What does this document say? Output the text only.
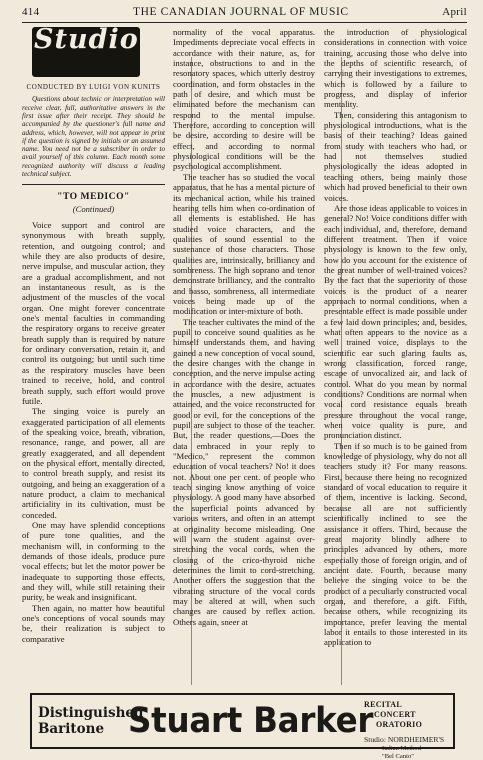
414	THE CANADIAN JOURNAL OF MUSIC	April
Studio
CONDUCTED BY LUIGI VON KUNITS

Questions about technic or interpretation will receive clear, full, authoritative answers in the first issue after their receipt. They should be accompanied by the questioner's full name and address, which, however, will not appear in print if the question is signed by initials or an assumed name. You need not be a subscriber in order to avail yourself of this column. Each month some recognized authority will discuss a leading technical subject.

"TO MEDICO"
(Continued)

Voice support and control are synonymous with breath supply, retention, and outgoing control; and while they are also products of desire, nerve impulse, and muscular action, they are a gradual accomplishment, and not an instantaneous result, as is the adjustment of the muscles of the vocal organ. One might forever concentrate one's mental faculties in commanding the respiratory organs to receive greater breath supply than is required by nature for ordinary conversation, retain it, and control its outgoing; but until such time as the respiratory muscles have been trained to receive, hold, and control breath supply, such effort would prove futile.

The singing voice is purely an exaggerated participation of all elements of the speaking voice, breath, vibration, resonance, range, and power, all are greatly exaggerated, and all dependent on the physical effort, mentally directed, to control breath supply, and resist its outgoing, and being an exaggeration of a nature product, a claim to mechanical artificiality in its cultivation, must be conceded.

One may have splendid conceptions of pure tone qualities, and the mechanism will, in conforming to the demands of those ideals, produce pure vocal effects; but let the motor power be inadequate to supporting those effects, and they will, while still retaining their purity, be weak and insignificant.

Then again, no matter how beautiful one's conceptions of vocal sounds may be, their realization is subject to comparative

normality of the vocal apparatus. Impediments depreciate vocal effects in accordance with their nature, as, for instance, obstructions to and in the resonatory spaces, which utterly destroy coordination, and form obstacles in the path of desire, and which must be eliminated before the mechanism can respond to the mental impulse. Therefore, according to conception will be desire, according to desire will be effect, and according to normal physiological conditions will be the psychological accomplishment.

The teacher has so studied the vocal apparatus, that he has a mental picture of its mechanical action, while his trained hearing tells him when co-ordination of all elements is established. He has studied voice characters, and the qualities of sound essential to the sustenance of those characters. Those qualities are, intrinsically, brilliancy and sombreness. The high soprano and tenor demonstrate brilliancy, and the contralto and basso, sombreness, all intermediate voices being made up of the modification or inter-mixture of both.

The teacher cultivates the mind of the pupil to conceive sound qualities as he himself understands them, and having gained a new conception of vocal sound, the desire changes with the change in conception, and the nerve impulse acting in accordance with the desire, actuates the muscles, a new adjustment is attained, and the voice reconstructed for good or evil, for the conceptions of the pupil are subject to those of the teacher. But, the reader questions,—Does the data embraced in your reply to "Medico," represent the common education of vocal teachers? No! it does not. About one per cent. of people who teach singing know anything of voice physiology. A good many have absorbed the superficial points advanced by various writers, and often in an attempt at originality become misleading. One will warn the student against over-stretching the vocal cords, when the closing of the crico-thyroid niche determines the limit to cord-stretching. Another offers the suggestion that the vibrating structure of the vocal cords may be altered at will, when such changes are caused by reflex action. Others again, sneer at

the introduction of physiological considerations in connection with voice training, accusing those who delve into the depths of scientific research, of carrying their investigations to extremes, which is followed by a failure to progress, and display of inferior mentality.

Then, considering this antagonism to physiological introductions, what is the basis of their teaching? Ideas gained from study with teachers who had, or had not themselves studied physiologically the ideas adopted in teaching others, being mainly those which had proved beneficial to their own voices.

Are those ideas applicable to voices in general? No! Voice conditions differ with each individual, and, therefore, demand different treatment. Then if voice physiology is known to the few only, how do you account for the existence of the great number of well-trained voices? By the fact that the superiority of those voices is the product of a nearer approach to normal conditions, when a presentable effect is made possible under a few laid down principles; and, besides, what often appears to the novice as a well trained voice, displays to the scientific ear such glaring faults as, wrong classification, forced range, escape of unvocalized air, and lack of control. What do you mean by normal conditions? Conditions are normal when vocal cord resistance equals breath pressure throughout the vocal range, when voice quality is pure, and pronunciation distinct.

Then if so much is to be gained from knowledge of physiology, why do not all teachers study it? For many reasons. First, because there being no recognized standard of vocal education to require it of them, incentive is lacking. Second, because all are not sufficiently scientifically inclined to see the assistance it offers. Third, because the great majority blindly adhere to principles advanced by others, more especially those of foreign origin, and of ancient date. Fourth, because many believe the singing voice to be the product of a peculiarly constructed vocal organ, and therefore, a gift. Fifth, because others, while recognizing its importance, prefer leaving the mental labor it entails to those interested in its application to

Distinguished
Baritone Stuart Barker
RECITAL
CONCERT
ORATORIO
Studio: NORDHEIMER'S
Italian Method
"Bel Canto"
